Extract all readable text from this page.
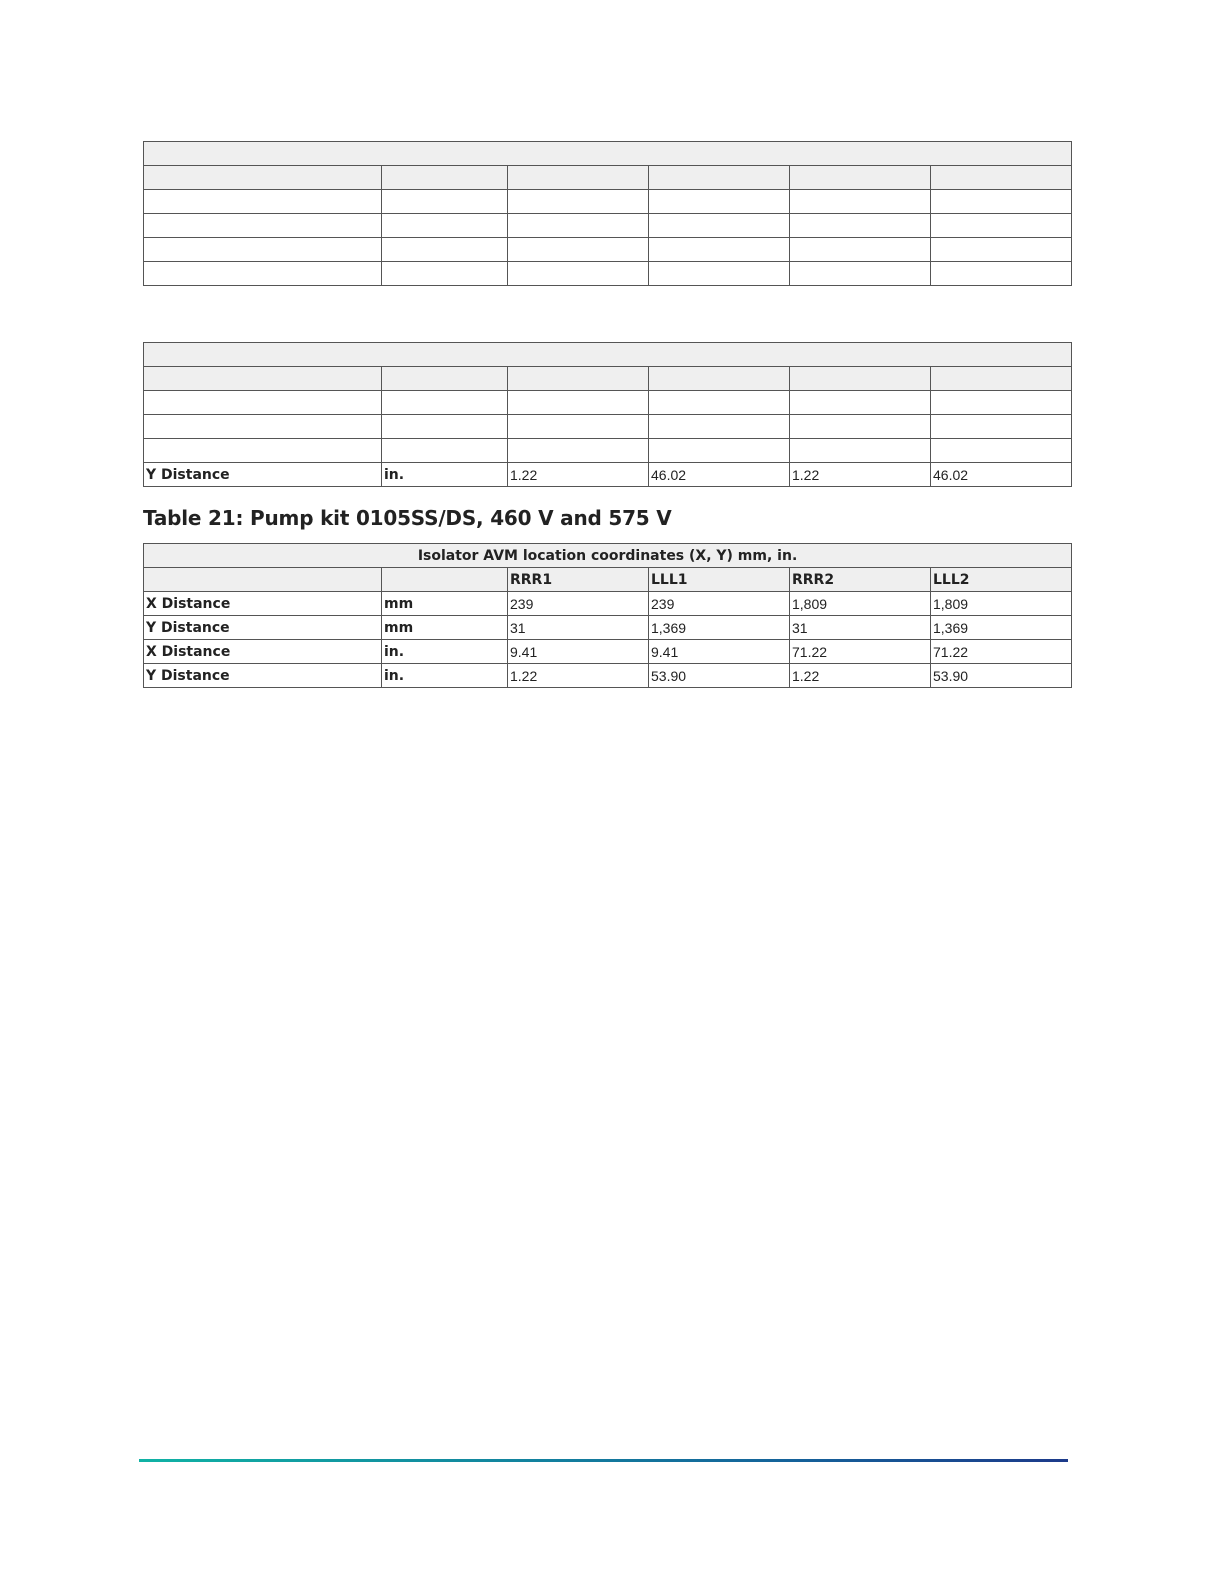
Y Distance	in.	1.22	46.02	1.22	46.02
Table 21: Pump kit 0105SS/DS, 460 V and 575 V
Isolator AVM location coordinates (X, Y) mm, in.					
		RRR1	LLL1	RRR2	LLL2
X Distance	mm	239	239	1,809	1,809
Y Distance	mm	31	1,369	31	1,369
X Distance	in.	9.41	9.41	71.22	71.22
Y Distance	in.	1.22	53.90	1.22	53.90
